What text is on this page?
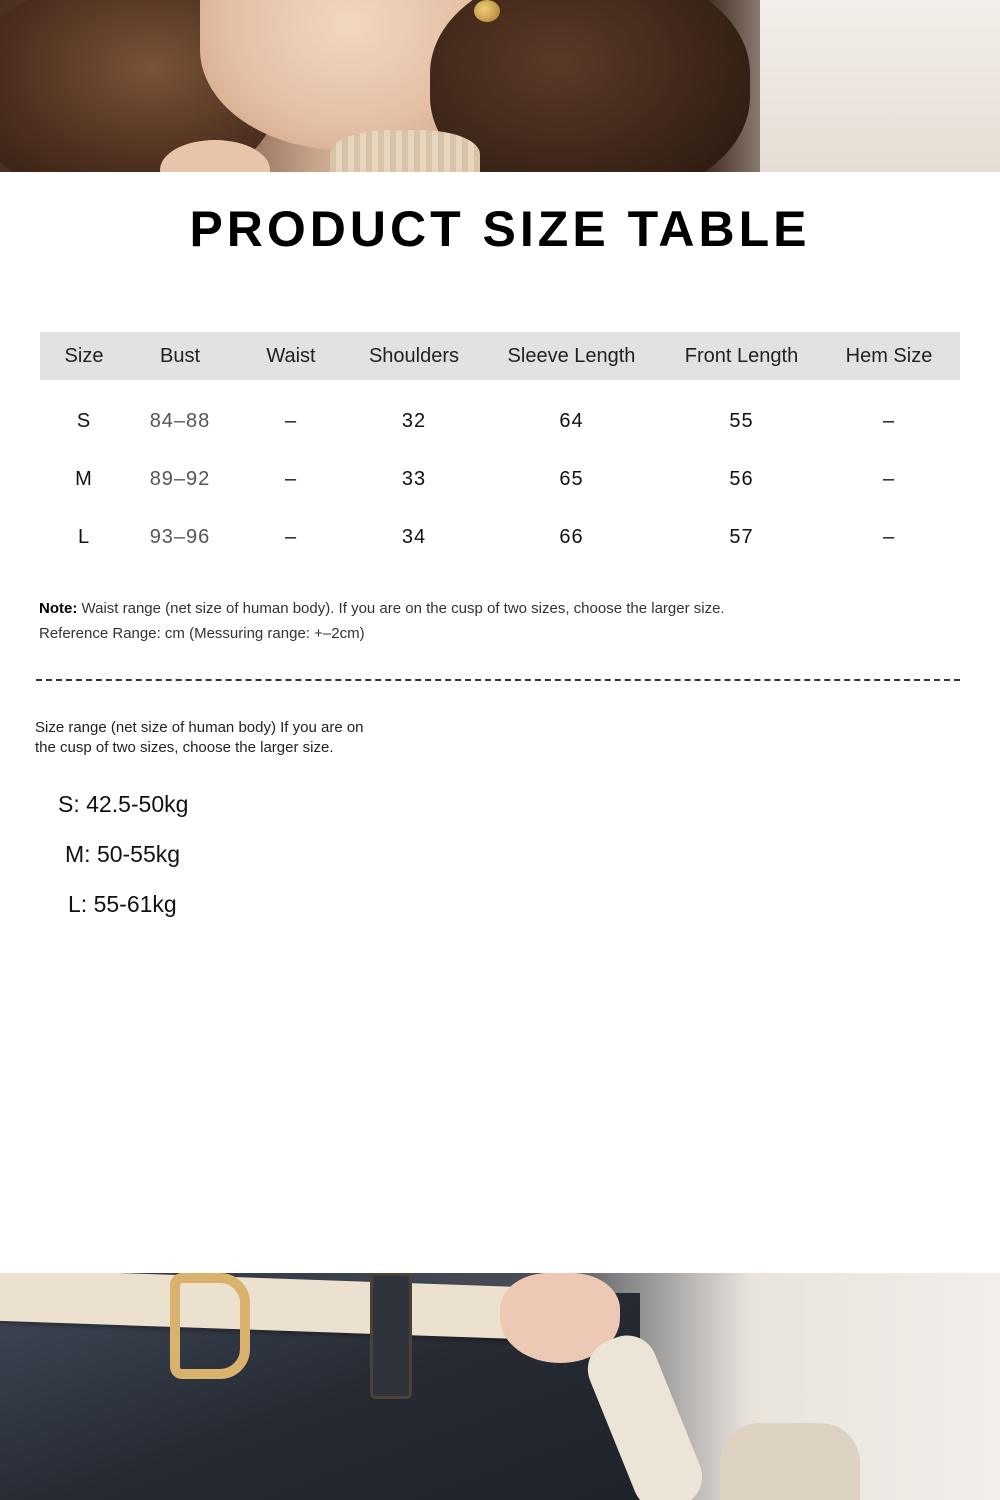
PRODUCT SIZE TABLE
Size	Bust	Waist	Shoulders	Sleeve Length	Front Length	Hem Size

S	84–88	–	32	64	55	–
M	89–92	–	33	65	56	–
L	93–96	–	34	66	57	–
Note: Waist range (net size of human body). If you are on the cusp of two sizes, choose the larger size.
Reference Range: cm (Messuring range: +–2cm)
Size range (net size of human body) If you are on the cusp of two sizes, choose the larger size.
S: 42.5-50kg
M: 50-55kg
L: 55-61kg
